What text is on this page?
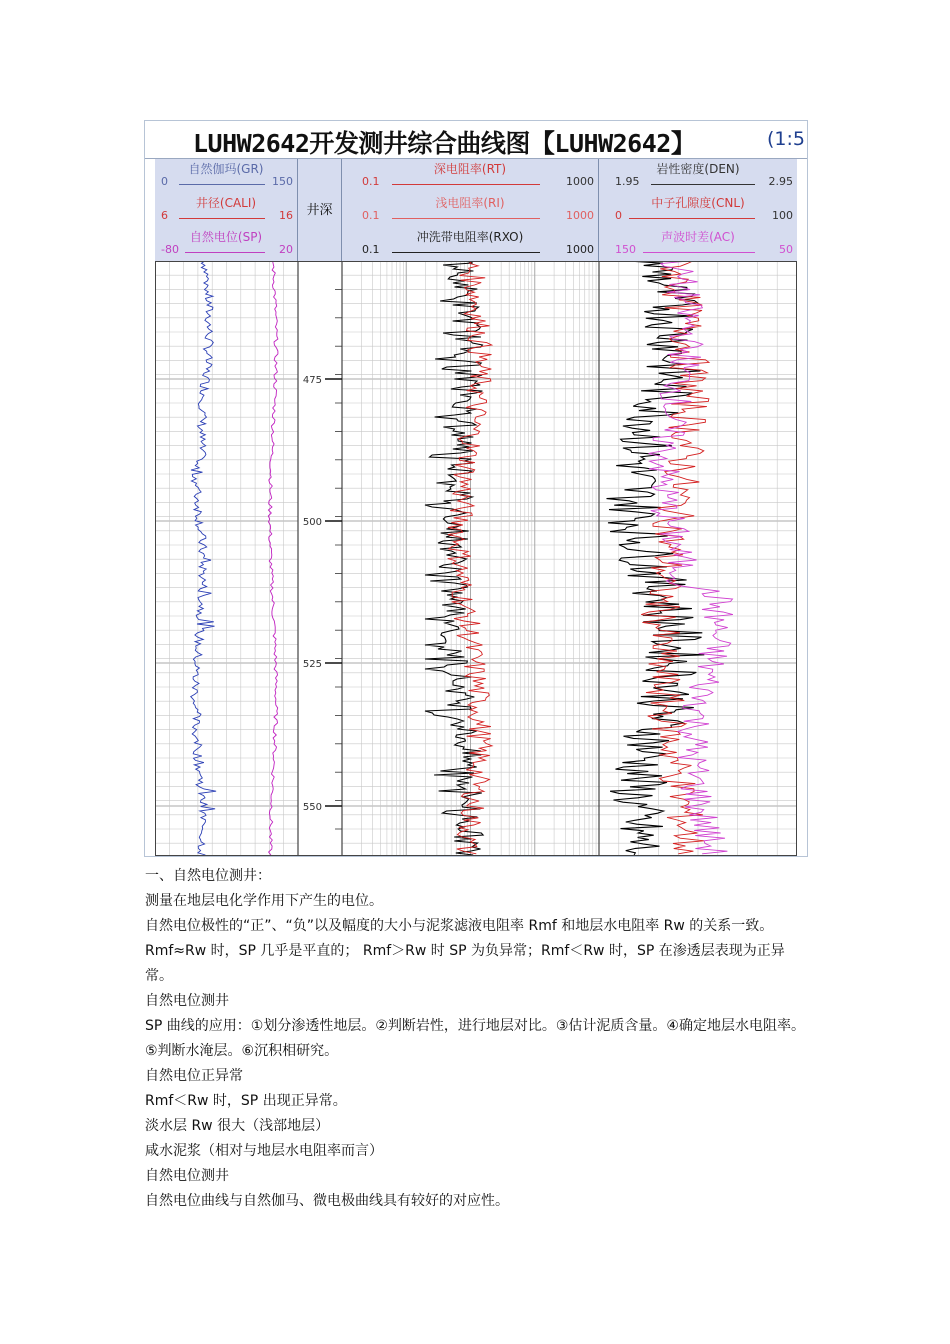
LUHW2642开发测井综合曲线图【LUHW2642】	(1:5
自然伽玛(GR)
0	150
井径(CALI)
6	16
自然电位(SP)
-80	20
井深
深电阻率(RT)
0.1	1000
浅电阻率(RI)
0.1	1000
冲洗带电阻率(RXO)
0.1	1000
岩性密度(DEN)
1.95	2.95
中子孔隙度(CNL)
0	100
声波时差(AC)
150	50
475
500
525
550

一、自然电位测井：

测量在地层电化学作用下产生的电位。

自然电位极性的“正”、“负”以及幅度的大小与泥浆滤液电阻率 Rmf 和地层水电阻率 Rw 的关系一致。Rmf≈Rw 时，SP 几乎是平直的； Rmf＞Rw 时 SP 为负异常；Rmf＜Rw 时，SP 在渗透层表现为正异常。

自然电位测井

SP 曲线的应用：①划分渗透性地层。②判断岩性，进行地层对比。③估计泥质含量。④确定地层水电阻率。⑤判断水淹层。⑥沉积相研究。

自然电位正异常

Rmf＜Rw 时，SP 出现正异常。

淡水层 Rw 很大（浅部地层）

咸水泥浆（相对与地层水电阻率而言）

自然电位测井

自然电位曲线与自然伽马、微电极曲线具有较好的对应性。
